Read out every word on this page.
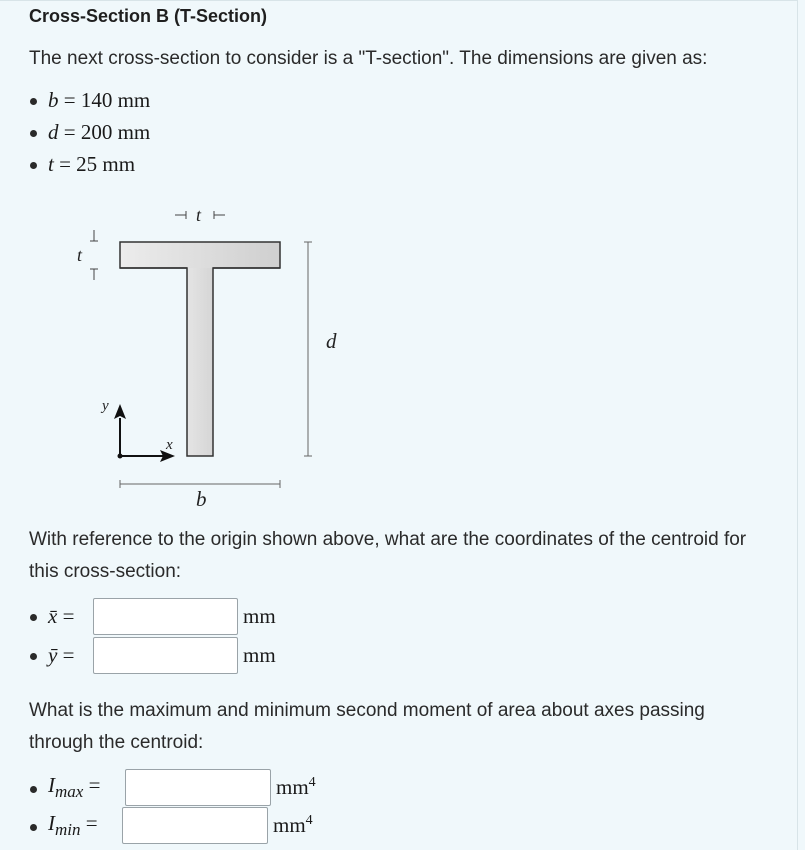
Cross-Section B (T-Section)
The next cross-section to consider is a "T-section". The dimensions are given as:
b = 140 mm
d = 200 mm
t = 25 mm
t
t
d
b
x
y
With reference to the origin shown above, what are the coordinates of the centroid for this cross-section:
x̄ =	mm
ȳ =	mm
What is the maximum and minimum second moment of area about axes passing through the centroid:
$I_{max}$ =	$mm^4$
$I_{min}$ =	$mm^4$
